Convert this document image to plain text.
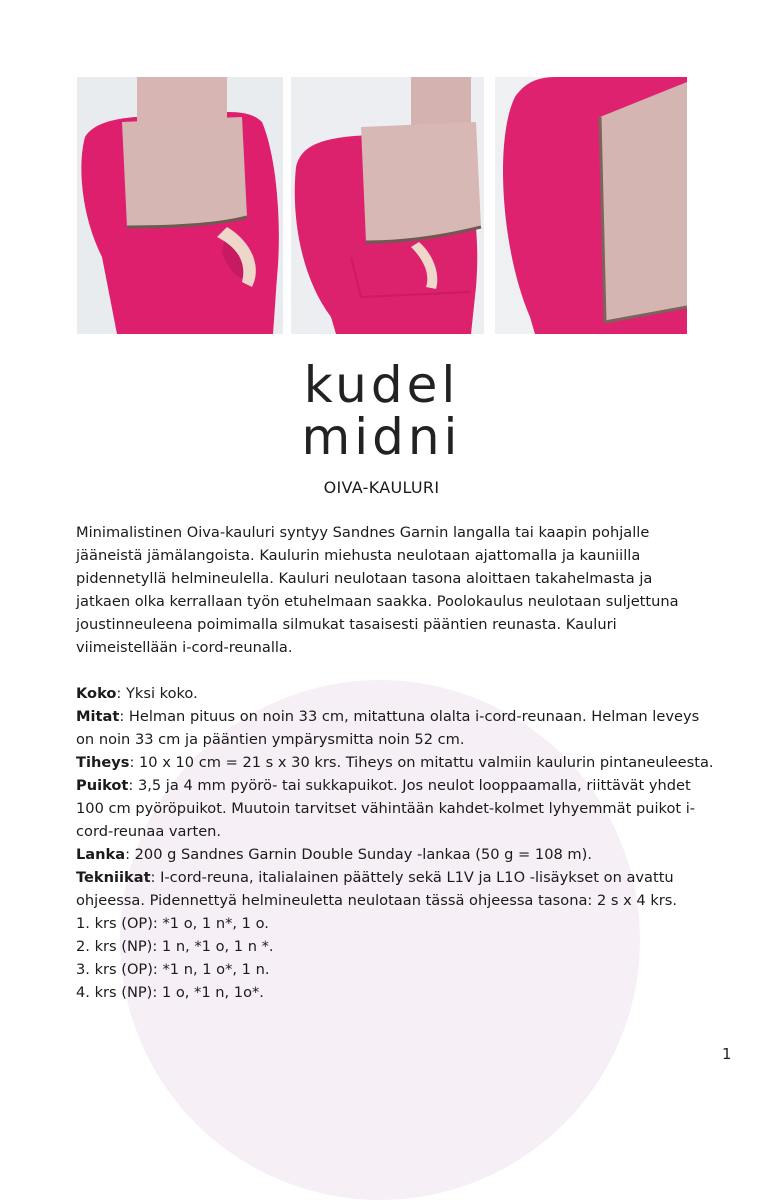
kudel
midni
OIVA-KAULURI
Minimalistinen Oiva-kauluri syntyy Sandnes Garnin langalla tai kaapin pohjalle
jääneistä jämälangoista. Kaulurin miehusta neulotaan ajattomalla ja kauniilla
pidennetyllä helmineulella. Kauluri neulotaan tasona aloittaen takahelmasta ja
jatkaen olka kerrallaan työn etuhelmaan saakka. Poolokaulus neulotaan suljettuna
joustinneuleena poimimalla silmukat tasaisesti pääntien reunasta. Kauluri
viimeistellään i-cord-reunalla.
Koko: Yksi koko.
Mitat: Helman pituus on noin 33 cm, mitattuna olalta i-cord-reunaan. Helman leveys
on noin 33 cm ja pääntien ympärysmitta noin 52 cm.
Tiheys: 10 x 10 cm = 21 s x 30 krs. Tiheys on mitattu valmiin kaulurin pintaneuleesta.
Puikot: 3,5 ja 4 mm pyörö- tai sukkapuikot. Jos neulot looppaamalla, riittävät yhdet
100 cm pyöröpuikot. Muutoin tarvitset vähintään kahdet-kolmet lyhyemmät puikot i-
cord-reunaa varten.
Lanka: 200 g Sandnes Garnin Double Sunday -lankaa (50 g = 108 m).
Tekniikat: I-cord-reuna, italialainen päättely sekä L1V ja L1O -lisäykset on avattu
ohjeessa. Pidennettyä helmineuletta neulotaan tässä ohjeessa tasona: 2 s x 4 krs.
1. krs (OP): *1 o, 1 n*, 1 o.
2. krs (NP): 1 n, *1 o, 1 n *.
3. krs (OP): *1 n, 1 o*, 1 n.
4. krs (NP): 1 o, *1 n, 1o*.
1
